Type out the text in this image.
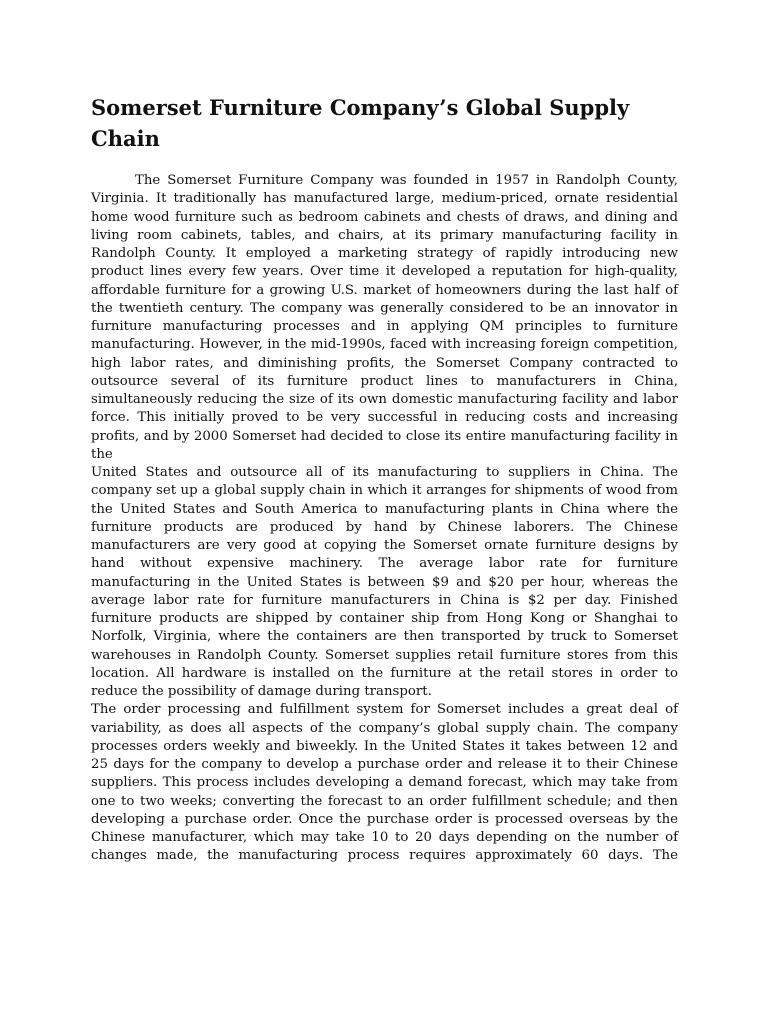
Somerset Furniture Company’s Global Supply Chain

The Somerset Furniture Company was founded in 1957 in Randolph County, Virginia. It traditionally has manufactured large, medium-priced, ornate residential home wood furniture such as bedroom cabinets and chests of draws, and dining and living room cabinets, tables, and chairs, at its primary manufacturing facility in Randolph County. It employed a marketing strategy of rapidly introducing new product lines every few years. Over time it developed a reputation for high-quality, affordable furniture for a growing U.S. market of homeowners during the last half of the twentieth century. The company was generally considered to be an innovator in furniture manufacturing processes and in applying QM principles to furniture manufacturing. However, in the mid-1990s, faced with increasing foreign competition, high labor rates, and diminishing profits, the Somerset Company contracted to outsource several of its furniture product lines to manufacturers in China, simultaneously reducing the size of its own domestic manufacturing facility and labor force. This initially proved to be very successful in reducing costs and increasing profits, and by 2000 Somerset had decided to close its entire manufacturing facility in the

United States and outsource all of its manufacturing to suppliers in China. The company set up a global supply chain in which it arranges for shipments of wood from the United States and South America to manufacturing plants in China where the furniture products are produced by hand by Chinese laborers. The Chinese manufacturers are very good at copying the Somerset ornate furniture designs by hand without expensive machinery. The average labor rate for furniture manufacturing in the United States is between $9 and $20 per hour, whereas the average labor rate for furniture manufacturers in China is $2 per day. Finished furniture products are shipped by container ship from Hong Kong or Shanghai to Norfolk, Virginia, where the containers are then transported by truck to Somerset warehouses in Randolph County. Somerset supplies retail furniture stores from this location. All hardware is installed on the furniture at the retail stores in order to reduce the possibility of damage during transport.

The order processing and fulfillment system for Somerset includes a great deal of variability, as does all aspects of the company’s global supply chain. The company processes orders weekly and biweekly. In the United States it takes between 12 and 25 days for the company to develop a purchase order and release it to their Chinese suppliers. This process includes developing a demand forecast, which may take from one to two weeks; converting the forecast to an order fulfillment schedule; and then developing a purchase order. Once the purchase order is processed overseas by the Chinese manufacturer, which may take 10 to 20 days depending on the number of changes made, the manufacturing process requires approximately 60 days. The
